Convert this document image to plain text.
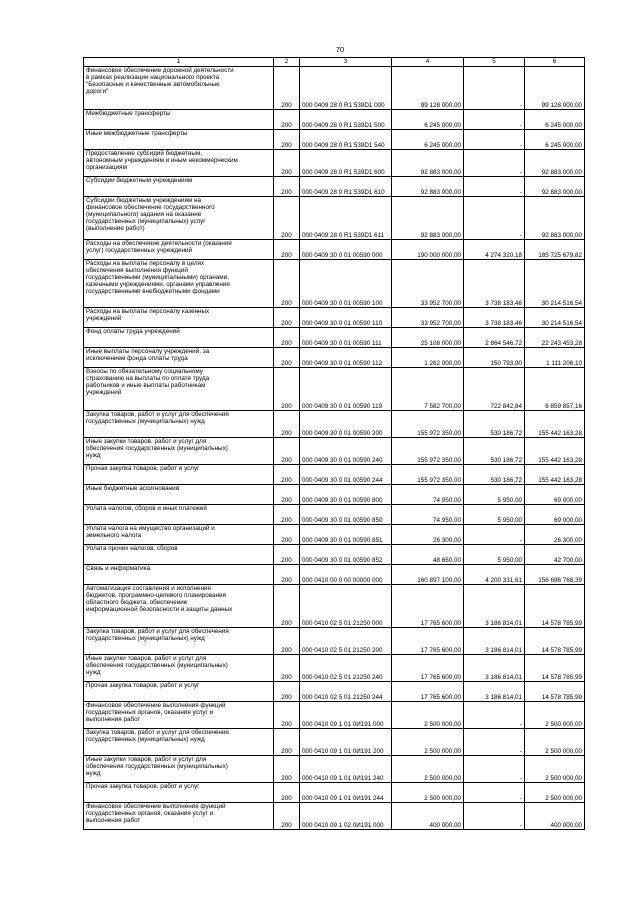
70
1	2	3	4	5	6

Финансовое обеспечение дорожной деятельности
в рамках реализации национального проекта
"Безопасные и качественные автомобильные
дороги"	200	000 0409 28 0 R1 539D1 000	99 128 000,00	-	99 128 000,00

Межбюджетные трансферты	200	000 0409 28 0 R1 539D1 500	6 245 000,00	-	6 245 000,00

Иные межбюджетные трансферты	200	000 0409 28 0 R1 539D1 540	6 245 000,00	-	6 245 000,00

Предоставление субсидий бюджетным,
автономным учреждениям и иным некоммерческим
организациям	200	000 0409 28 0 R1 539D1 600	92 883 000,00	-	92 883 000,00

Субсидии бюджетным учреждениям	200	000 0409 28 0 R1 539D1 610	92 883 000,00	-	92 883 000,00

Субсидии бюджетным учреждениям на
финансовое обеспечение государственного
(муниципального) задания на оказание
государственных (муниципальных) услуг
(выполнение работ)	200	000 0409 28 0 R1 539D1 611	92 883 000,00	-	92 883 000,00

Расходы на обеспечение деятельности (оказание
услуг) государственных учреждений	200	000 0409 30 0 01 00590 000	190 000 000,00	4 274 320,18	185 725 679,82

Расходы на выплаты персоналу в целях
обеспечения выполнения функций
государственными (муниципальными) органами,
казенными учреждениями, органами управления
государственными внебюджетными фондами	200	000 0409 30 0 01 00590 100	33 952 700,00	3 738 183,46	30 214 516,54

Расходы на выплаты персоналу казенных
учреждений	200	000 0409 30 0 01 00590 110	33 952 700,00	3 738 183,46	30 214 516,54

Фонд оплаты труда учреждений	200	000 0409 30 0 01 00590 111	25 108 000,00	2 864 546,72	22 243 453,28

Иные выплаты персоналу учреждений, за
исключением фонда оплаты труда	200	000 0409 30 0 01 00590 112	1 262 000,00	150 793,90	1 111 206,10

Взносы по обязательному социальному
страхованию на выплаты по оплате труда
работников и иные выплаты работникам
учреждений	200	000 0409 30 0 01 00590 119	7 582 700,00	722 842,84	6 859 857,16

Закупка товаров, работ и услуг для обеспечения
государственных (муниципальных) нужд	200	000 0409 30 0 01 00590 200	155 972 350,00	530 186,72	155 442 163,28

Иные закупки товаров, работ и услуг для
обеспечения государственных (муниципальных)
нужд	200	000 0409 30 0 01 00590 240	155 972 350,00	530 186,72	155 442 163,28

Прочая закупка товаров, работ и услуг	200	000 0409 30 0 01 00590 244	155 972 350,00	530 186,72	155 442 163,28

Иные бюджетные ассигнования	200	000 0409 30 0 01 00590 800	74 950,00	5 950,00	69 000,00

Уплата налогов, сборов и иных платежей	200	000 0409 30 0 01 00590 850	74 950,00	5 950,00	69 000,00

Уплата налога на имущество организаций и
земельного налога	200	000 0409 30 0 01 00590 851	26 300,00	-	26 300,00

Уплата прочих налогов, сборов	200	000 0409 30 0 01 00590 852	48 650,00	5 950,00	42 700,00

Связь и информатика	200	000 0410 00 0 00 00000 000	160 897 100,00	4 200 331,61	156 696 768,39

Автоматизация составления и исполнения
бюджетов, программно-целевого планирования
областного бюджета, обеспечение
информационной безопасности и защиты данных	200	000 0410 02 5 01 21250 000	17 765 600,00	3 186 814,01	14 578 785,99

Закупка товаров, работ и услуг для обеспечения
государственных (муниципальных) нужд	200	000 0410 02 5 01 21250 200	17 765 600,00	3 186 814,01	14 578 785,99

Иные закупки товаров, работ и услуг для
обеспечения государственных (муниципальных)
нужд	200	000 0410 02 5 01 21250 240	17 765 600,00	3 186 814,01	14 578 785,99

Прочая закупка товаров, работ и услуг	200	000 0410 02 5 01 21250 244	17 765 600,00	3 186 814,01	14 578 785,99

Финансовое обеспечение выполнения функций
государственных органов, оказания услуг и
выполнения работ	200	000 0410 09 1 01 0И191 000	2 500 000,00	-	2 500 000,00

Закупка товаров, работ и услуг для обеспечения
государственных (муниципальных) нужд	200	000 0410 09 1 01 0И191 200	2 500 000,00	-	2 500 000,00

Иные закупки товаров, работ и услуг для
обеспечения государственных (муниципальных)
нужд	200	000 0410 09 1 01 0И191 240	2 500 000,00	-	2 500 000,00

Прочая закупка товаров, работ и услуг	200	000 0410 09 1 01 0И191 244	2 500 000,00	-	2 500 000,00

Финансовое обеспечение выполнения функций
государственных органов, оказания услуг и
выполнения работ	200	000 0410 09 1 02 0И191 000	400 000,00	-	400 000,00
